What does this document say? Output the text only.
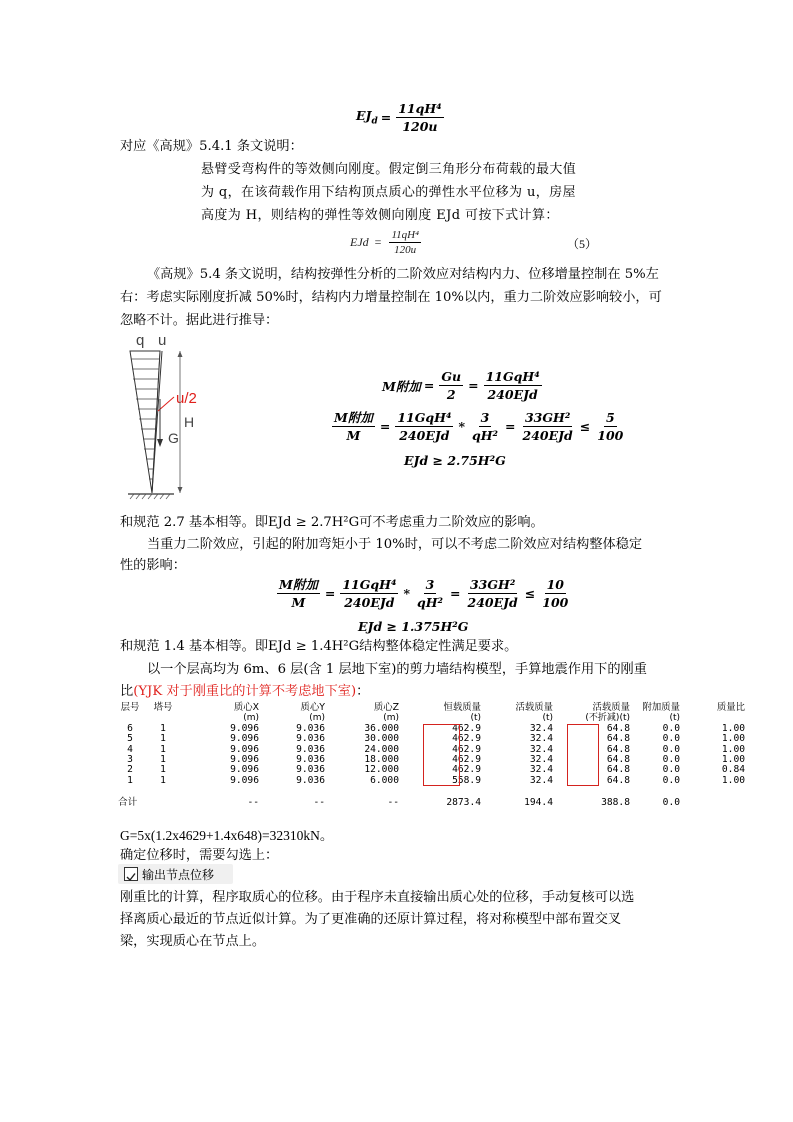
$EJ_d = \frac{\text{11qH⁴}}{120u}$
对应《高规》5.4.1 条文说明：
悬臂受弯构件的等效侧向刚度。假定倒三角形分布荷载的最大值
为 q，在该荷载作用下结构顶点质心的弹性水平位移为 u，房屋
高度为 H，则结构的弹性等效侧向刚度 EJd 可按下式计算：
EJd = $\frac{\text{11qH⁴}}{120u}$	（5）
《高规》5.4 条文说明，结构按弹性分析的二阶效应对结构内力、位移增量控制在 5%左
右：考虑实际刚度折减 50%时，结构内力增量控制在 10%以内，重力二阶效应影响较小，可
忽略不计。据此进行推导：
q u
u/2
G
H
M附加 = $\frac{Gu}{2} = \frac{\text{11GqH⁴}}{\text{240EJd}}$
$\frac{\text{M附加}}{M} = \frac{\text{11GqH⁴}}{\text{240EJd}} * \frac{3}{\text{qH²}} = \frac{\text{33GH²}}{\text{240EJd}} \le \frac{5}{100}$
EJd ≥ 2.75H²G
和规范 2.7 基本相等。即EJd ≥ 2.7H²G可不考虑重力二阶效应的影响。
当重力二阶效应，引起的附加弯矩小于 10%时，可以不考虑二阶效应对结构整体稳定
性的影响：
$\frac{\text{M附加}}{M} = \frac{\text{11GqH⁴}}{\text{240EJd}} * \frac{3}{\text{qH²}} = \frac{\text{33GH²}}{\text{240EJd}} \le \frac{10}{100}$
EJd ≥ 1.375H²G
和规范 1.4 基本相等。即EJd ≥ 1.4H²G结构整体稳定性满足要求。
以一个层高均为 6m、6 层(含 1 层地下室)的剪力墙结构模型，手算地震作用下的刚重
比(YJK 对于刚重比的计算不考虑地下室)：
层号	塔号	质心X	质心Y	质心Z	恒载质量	活载质量	活载质量	附加质量	质量比
		(m)	(m)	(m)	(t)	(t)	(不折减)(t)	(t)	
6	1	9.096	9.036	36.000	462.9	32.4	64.8	0.0	1.00
5	1	9.096	9.036	30.000	462.9	32.4	64.8	0.0	1.00
4	1	9.096	9.036	24.000	462.9	32.4	64.8	0.0	1.00
3	1	9.096	9.036	18.000	462.9	32.4	64.8	0.0	1.00
2	1	9.096	9.036	12.000	462.9	32.4	64.8	0.0	0.84
1	1	9.096	9.036	6.000	558.9	32.4	64.8	0.0	1.00

合计		--	--	--	2873.4	194.4	388.8	0.0	
G=5x(1.2x4629+1.4x648)=32310kN。
确定位移时，需要勾选上：
输出节点位移
刚重比的计算，程序取质心的位移。由于程序未直接输出质心处的位移，手动复核可以选
择离质心最近的节点近似计算。为了更准确的还原计算过程，将对称模型中部布置交叉
梁，实现质心在节点上。
